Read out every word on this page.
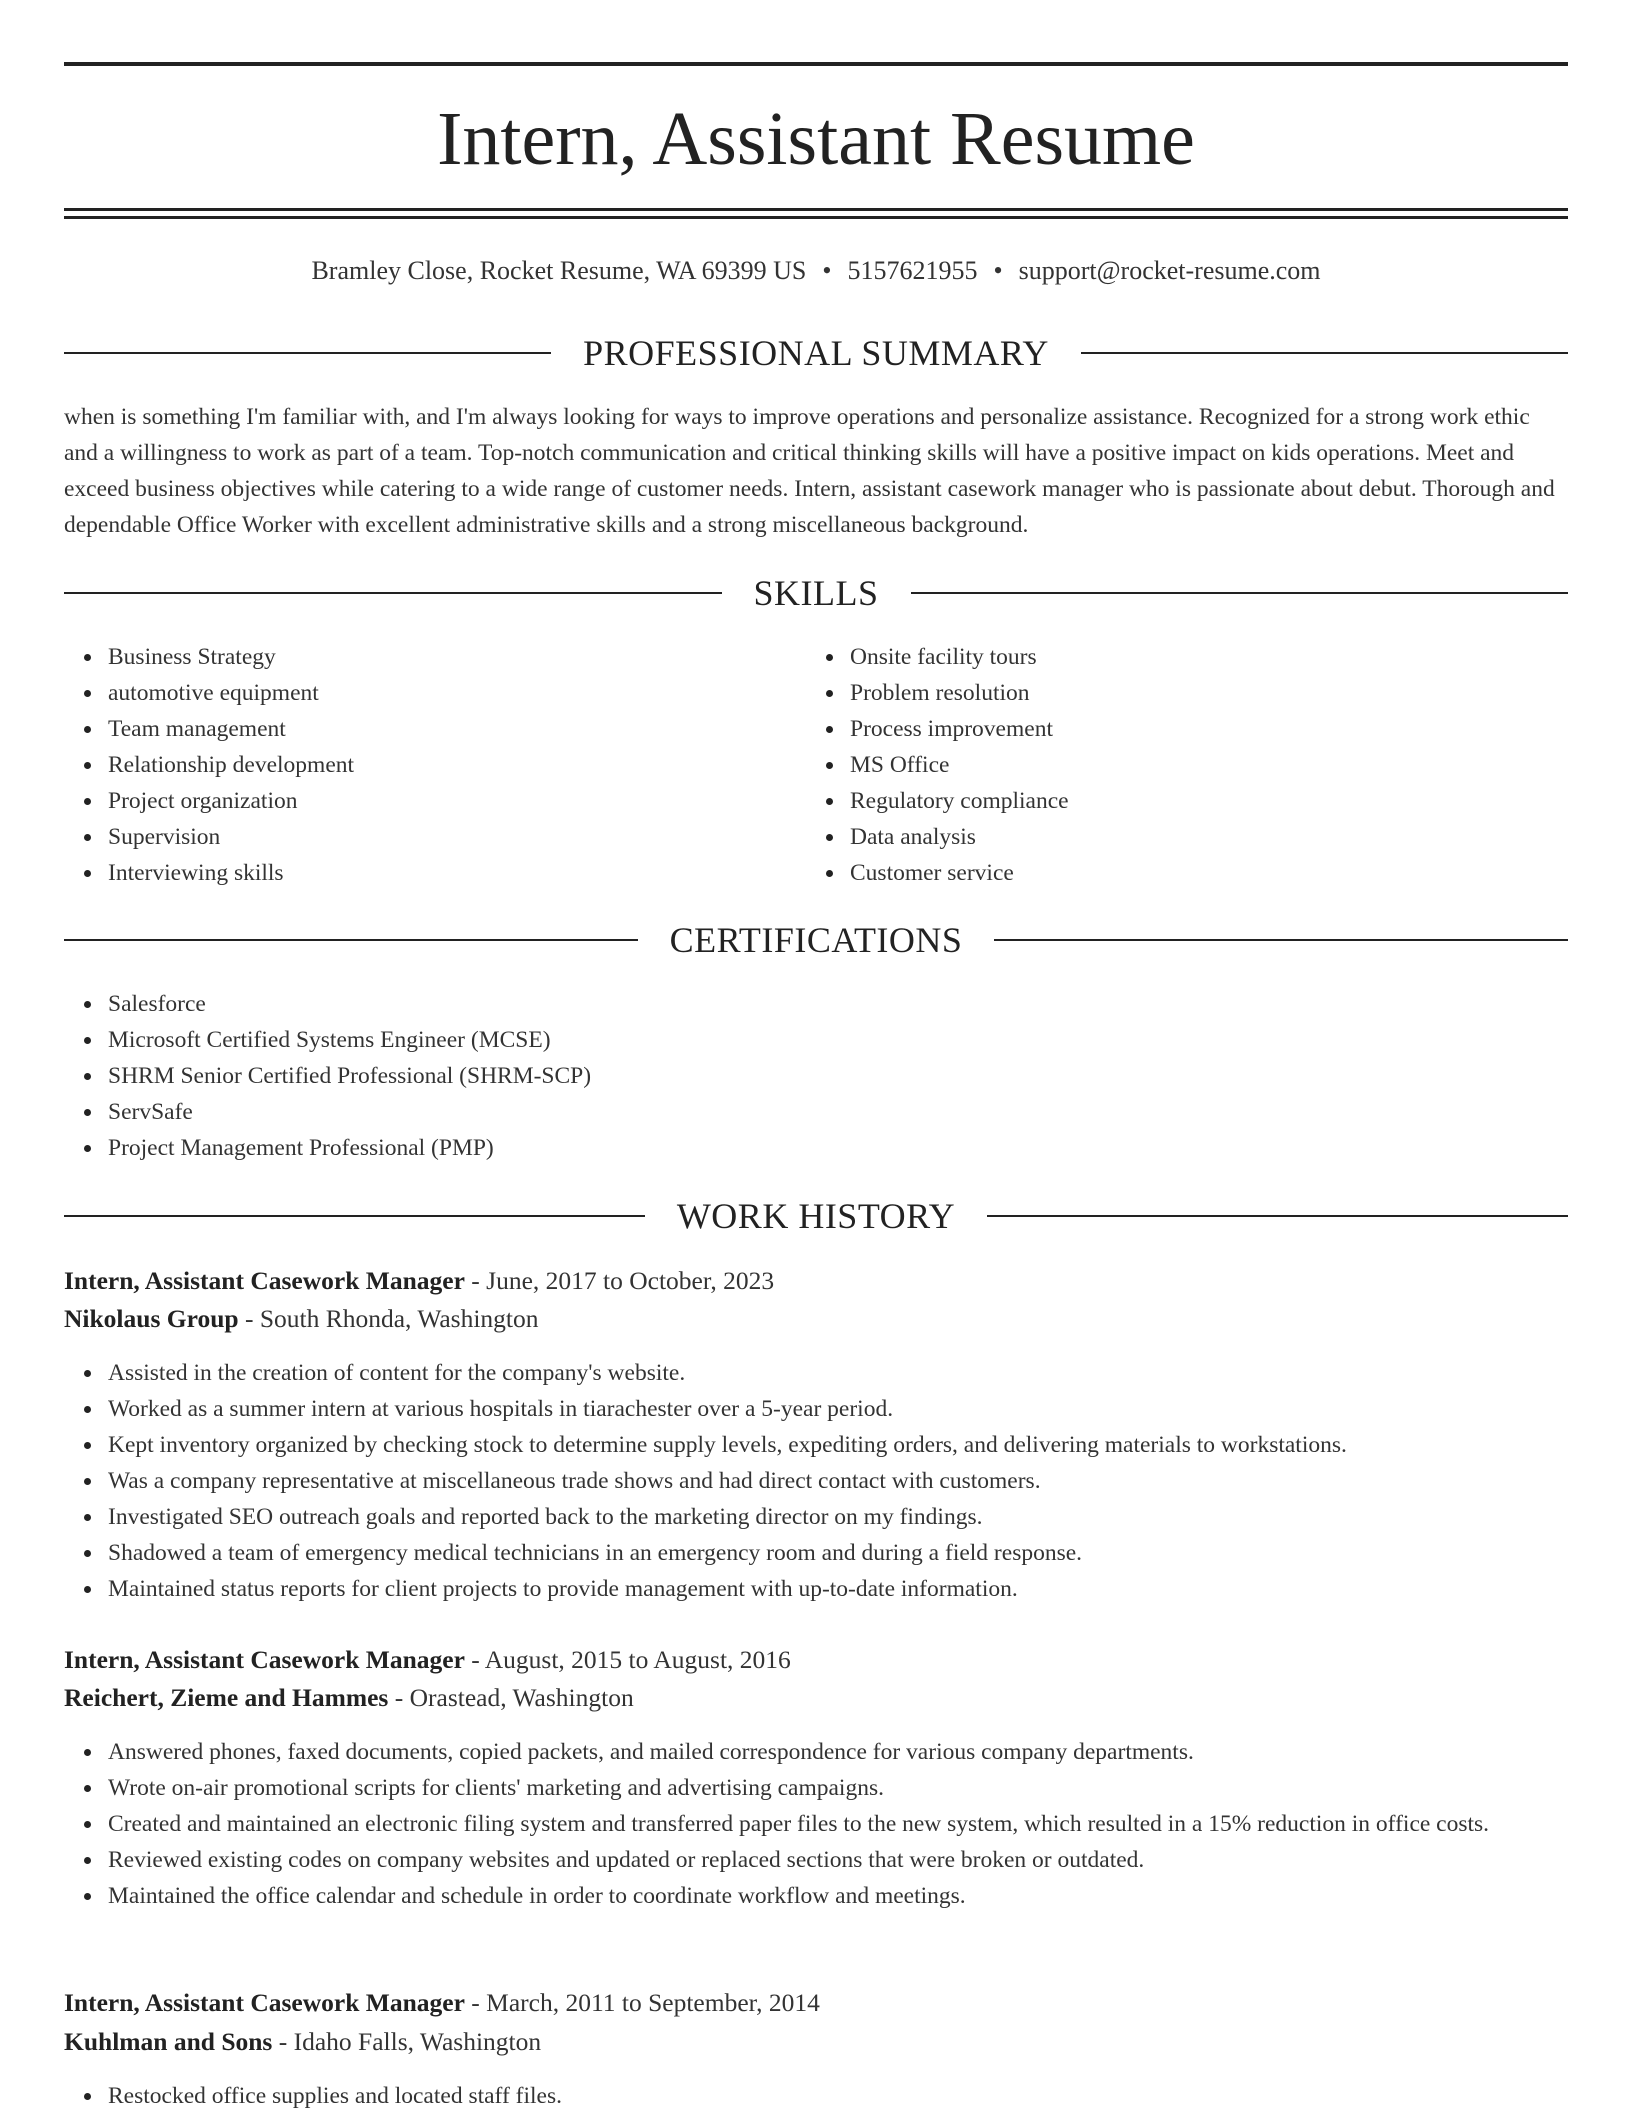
Intern, Assistant Resume
Bramley Close, Rocket Resume, WA 69399 US • 5157621955 • support@rocket-resume.com
PROFESSIONAL SUMMARY

when is something I'm familiar with, and I'm always looking for ways to improve operations and personalize assistance. Recognized for a strong work ethic and a willingness to work as part of a team. Top-notch communication and critical thinking skills will have a positive impact on kids operations. Meet and exceed business objectives while catering to a wide range of customer needs. Intern, assistant casework manager who is passionate about debut. Thorough and dependable Office Worker with excellent administrative skills and a strong miscellaneous background.

SKILLS
Business Strategy
automotive equipment
Team management
Relationship development
Project organization
Supervision
Interviewing skills
Onsite facility tours
Problem resolution
Process improvement
MS Office
Regulatory compliance
Data analysis
Customer service
CERTIFICATIONS
Salesforce
Microsoft Certified Systems Engineer (MCSE)
SHRM Senior Certified Professional (SHRM-SCP)
ServSafe
Project Management Professional (PMP)
WORK HISTORY
Intern, Assistant Casework Manager - June, 2017 to October, 2023
Nikolaus Group - South Rhonda, Washington
Assisted in the creation of content for the company's website.
Worked as a summer intern at various hospitals in tiarachester over a 5-year period.
Kept inventory organized by checking stock to determine supply levels, expediting orders, and delivering materials to workstations.
Was a company representative at miscellaneous trade shows and had direct contact with customers.
Investigated SEO outreach goals and reported back to the marketing director on my findings.
Shadowed a team of emergency medical technicians in an emergency room and during a field response.
Maintained status reports for client projects to provide management with up-to-date information.
Intern, Assistant Casework Manager - August, 2015 to August, 2016
Reichert, Zieme and Hammes - Orastead, Washington
Answered phones, faxed documents, copied packets, and mailed correspondence for various company departments.
Wrote on-air promotional scripts for clients' marketing and advertising campaigns.
Created and maintained an electronic filing system and transferred paper files to the new system, which resulted in a 15% reduction in office costs.
Reviewed existing codes on company websites and updated or replaced sections that were broken or outdated.
Maintained the office calendar and schedule in order to coordinate workflow and meetings.
Intern, Assistant Casework Manager - March, 2011 to September, 2014
Kuhlman and Sons - Idaho Falls, Washington
Restocked office supplies and located staff files.
